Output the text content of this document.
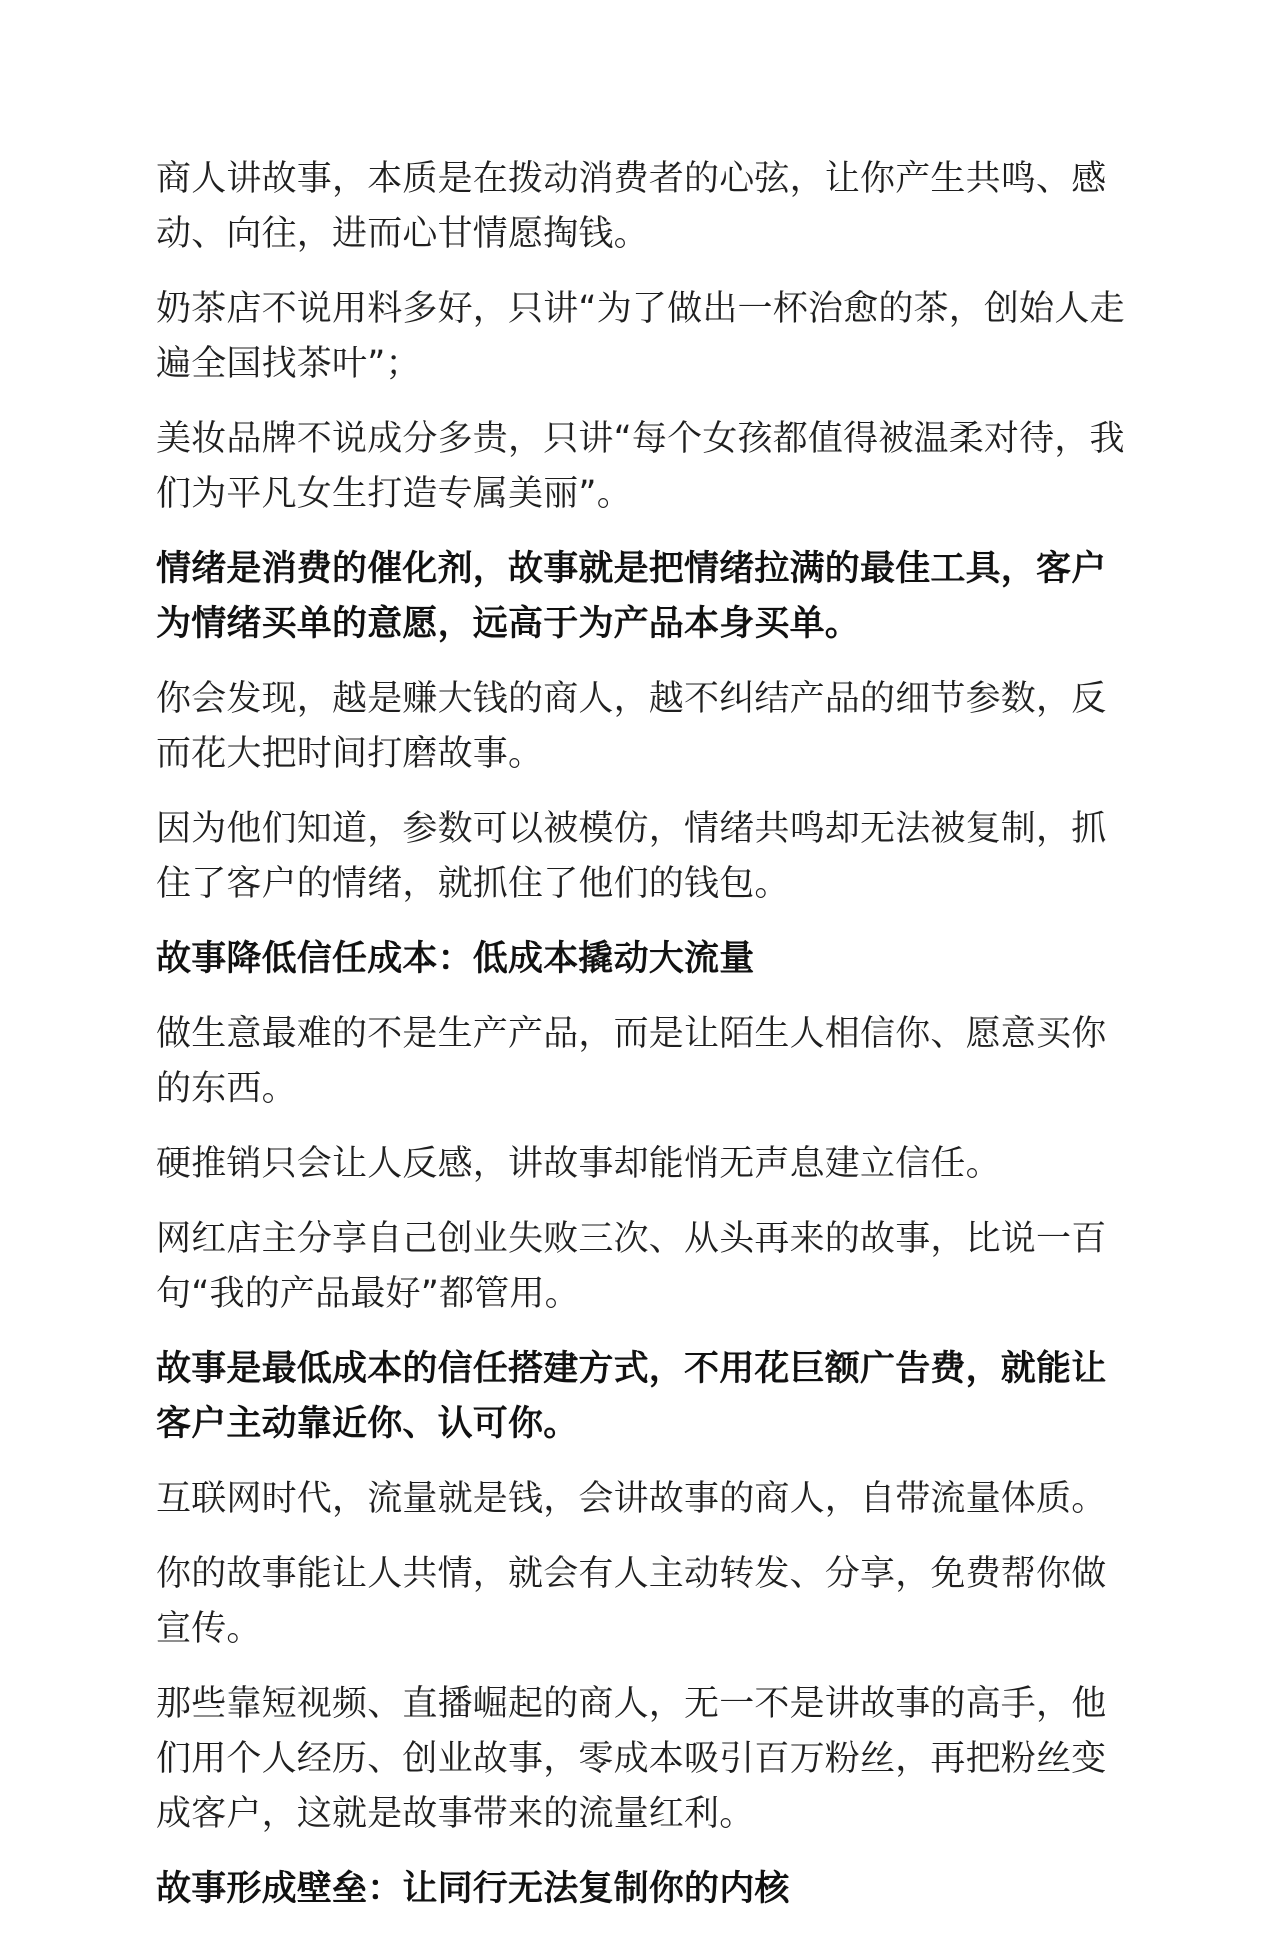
商人讲故事，本质是在拨动消费者的心弦，让你产生共鸣、感动、向往，进而心甘情愿掏钱。

奶茶店不说用料多好，只讲“为了做出一杯治愈的茶，创始人走遍全国找茶叶”；

美妆品牌不说成分多贵，只讲“每个女孩都值得被温柔对待，我们为平凡女生打造专属美丽”。

情绪是消费的催化剂，故事就是把情绪拉满的最佳工具，客户为情绪买单的意愿，远高于为产品本身买单。

你会发现，越是赚大钱的商人，越不纠结产品的细节参数，反而花大把时间打磨故事。

因为他们知道，参数可以被模仿，情绪共鸣却无法被复制，抓住了客户的情绪，就抓住了他们的钱包。

故事降低信任成本：低成本撬动大流量

做生意最难的不是生产产品，而是让陌生人相信你、愿意买你的东西。

硬推销只会让人反感，讲故事却能悄无声息建立信任。

网红店主分享自己创业失败三次、从头再来的故事，比说一百句“我的产品最好”都管用。

故事是最低成本的信任搭建方式，不用花巨额广告费，就能让客户主动靠近你、认可你。

互联网时代，流量就是钱，会讲故事的商人，自带流量体质。

你的故事能让人共情，就会有人主动转发、分享，免费帮你做宣传。

那些靠短视频、直播崛起的商人，无一不是讲故事的高手，他们用个人经历、创业故事，零成本吸引百万粉丝，再把粉丝变成客户，这就是故事带来的流量红利。

故事形成壁垒：让同行无法复制你的内核
